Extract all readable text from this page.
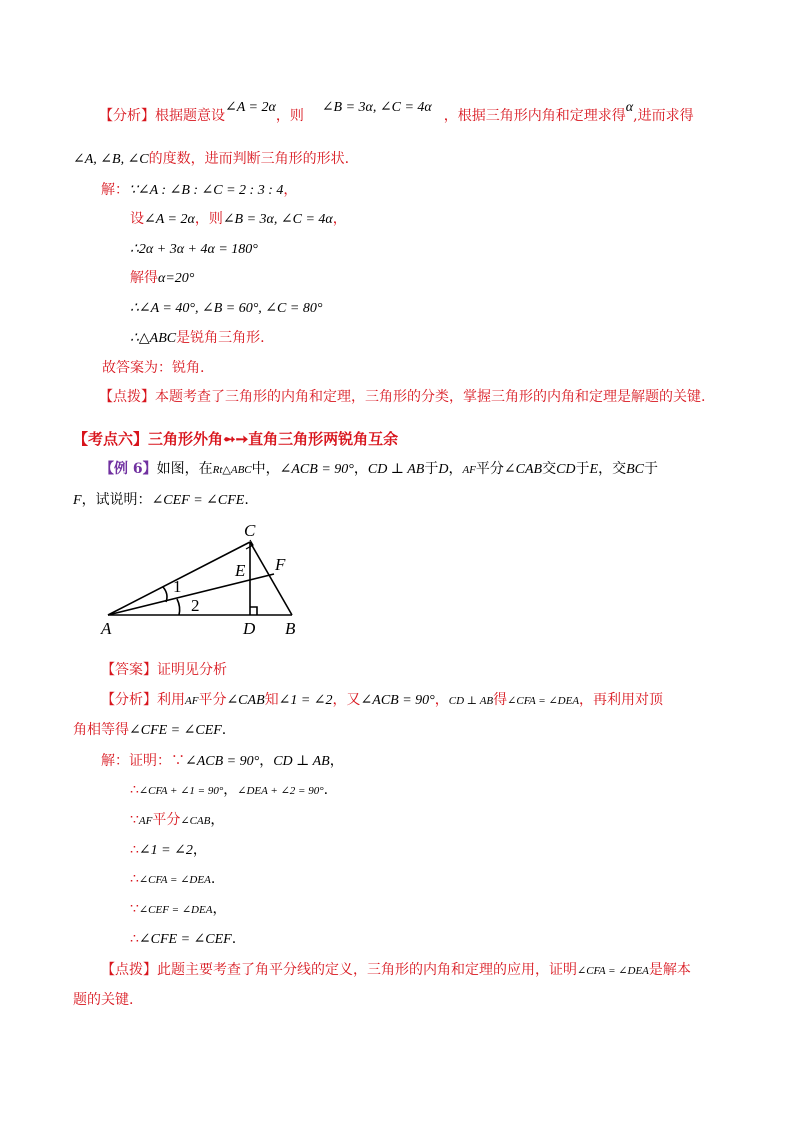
【分析】根据题意设∠A = 2α，则∠B = 3α, ∠C = 4α，根据三角形内角和定理求得α,进而求得
∠A, ∠B, ∠C的度数，进而判断三角形的形状.
解：∵∠A : ∠B : ∠C = 2 : 3 : 4，
设∠A = 2α，则∠B = 3α, ∠C = 4α，
∴2α + 3α + 4α = 180°
解得α=20°
∴∠A = 40°, ∠B = 60°, ∠C = 80°
∴△ABC是锐角三角形.
故答案为：锐角.
【点拨】本题考查了三角形的内角和定理，三角形的分类，掌握三角形的内角和定理是解题的关键.
【考点六】三角形外角➻➙直角三角形两锐角互余
【例 6】如图，在Rt△ABC中，∠ACB = 90°，CD ⊥ AB于D，AF平分∠CAB交CD于E，交BC于
F，试说明：∠CEF = ∠CFE.
C
E F
A	D B
1
2
【答案】证明见分析
【分析】利用AF平分∠CAB知∠1 = ∠2，又∠ACB = 90°，CD ⊥ AB得∠CFA = ∠DEA，再利用对顶
角相等得∠CFE = ∠CEF.
解：证明：∵∠ACB = 90°，CD ⊥ AB，
∴∠CFA + ∠1 = 90°，∠DEA + ∠2 = 90°.
∵AF平分∠CAB，
∴∠1 = ∠2，
∴∠CFA = ∠DEA.
∵∠CEF = ∠DEA，
∴∠CFE = ∠CEF.
【点拨】此题主要考查了角平分线的定义，三角形的内角和定理的应用，证明∠CFA = ∠DEA是解本
题的关键.
